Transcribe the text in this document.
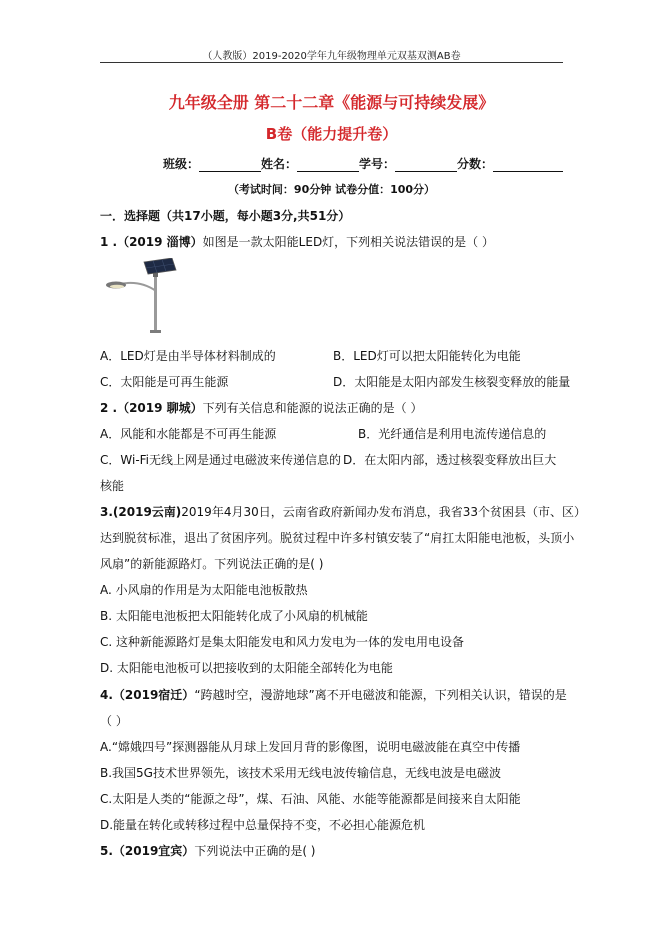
（人教版）2019-2020学年九年级物理单元双基双测AB卷
九年级全册 第二十二章《能源与可持续发展》
B卷（能力提升卷）
班级：	姓名：	学号：	分数：
（考试时间：90分钟 试卷分值：100分）
一．选择题（共17小题，每小题3分,共51分）
1 .（2019 淄博）如图是一款太阳能LED灯，下列相关说法错误的是（ ）
A．LED灯是由半导体材料制成的	B．LED灯可以把太阳能转化为电能
C．太阳能是可再生能源	D．太阳能是太阳内部发生核裂变释放的能量
2 .（2019 聊城）下列有关信息和能源的说法正确的是（ ）
A．风能和水能都是不可再生能源	B．光纤通信是利用电流传递信息的
C．Wi-Fi无线上网是通过电磁波来传递信息的 D．在太阳内部，透过核裂变释放出巨大
核能
3.(2019云南)2019年4月30日，云南省政府新闻办发布消息，我省33个贫困县（市、区）
达到脱贫标准，退出了贫困序列。脱贫过程中许多村镇安装了“肩扛太阳能电池板，头顶小
风扇”的新能源路灯。下列说法正确的是( )
A. 小风扇的作用是为太阳能电池板散热
B. 太阳能电池板把太阳能转化成了小风扇的机械能
C. 这种新能源路灯是集太阳能发电和风力发电为一体的发电用电设备
D. 太阳能电池板可以把接收到的太阳能全部转化为电能
4.（2019宿迁）“跨越时空，漫游地球”离不开电磁波和能源，下列相关认识，错误的是
（ ）
A.“嫦娥四号”探测器能从月球上发回月背的影像图，说明电磁波能在真空中传播
B.我国5G技术世界领先，该技术采用无线电波传输信息，无线电波是电磁波
C.太阳是人类的“能源之母”，煤、石油、风能、水能等能源都是间接来自太阳能
D.能量在转化或转移过程中总量保持不变，不必担心能源危机
5.（2019宜宾）下列说法中正确的是( )
